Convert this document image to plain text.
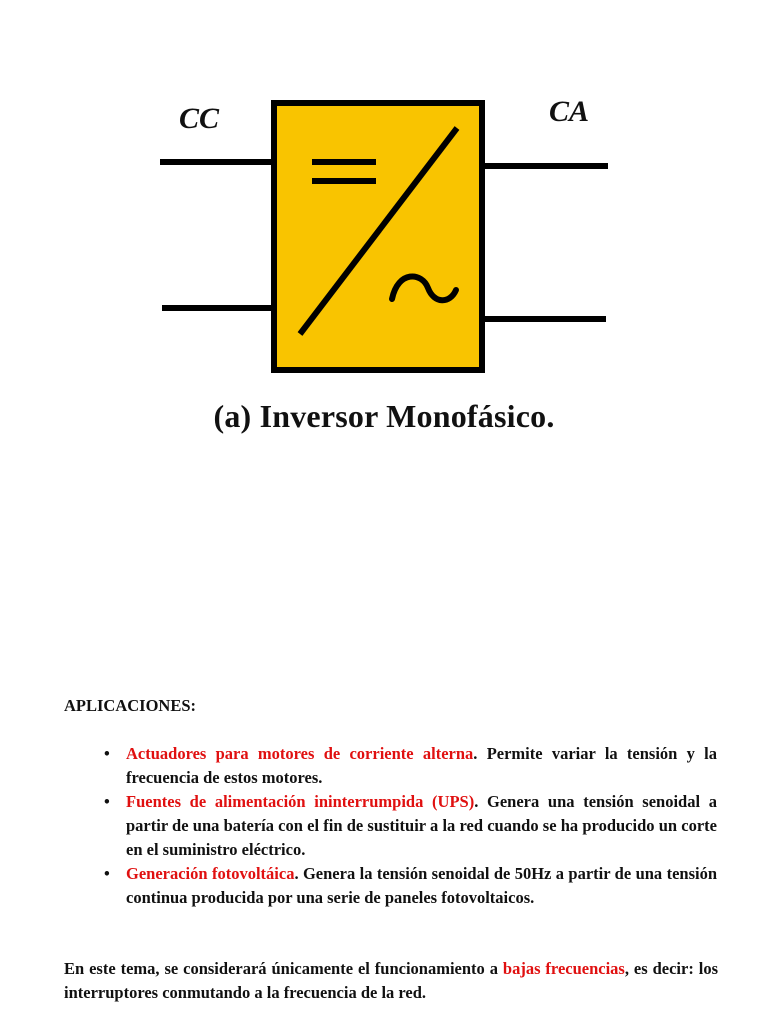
CC	CA
(a) Inversor Monofásico.
APLICACIONES:
• Actuadores para motores de corriente alterna. Permite variar la tensión y la frecuencia de estos motores.
• Fuentes de alimentación ininterrumpida (UPS). Genera una tensión senoidal a partir de una batería con el fin de sustituir a la red cuando se ha producido un corte en el suministro eléctrico.
• Generación fotovoltáica. Genera la tensión senoidal de 50Hz a partir de una tensión continua producida por una serie de paneles fotovoltaicos.
En este tema, se considerará únicamente el funcionamiento a bajas frecuencias, es decir: los interruptores conmutando a la frecuencia de la red.
